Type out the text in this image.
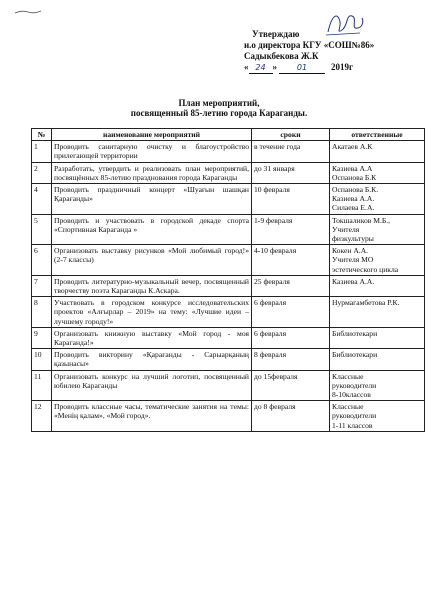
Утверждаю
и.о директора КГУ «СОШ№86»
Садыкбекова Ж.К
« 24 »	01	2019г
План мероприятий,
посвященный 85-летию города Караганды.
№	наименование мероприятий	сроки	ответственные
1	Проводить санитарную очистку и благоустройство прилегающей территории	в течение года	Акатаев А.К

2	Разработать, утвердить и реализовать план мероприятий, посвящённых 85-летию празднования города Караганды	до 31 января	Казиева А.А
Оспанова Б.К

4	Проводить праздничный концерт «Шуағын шашқан Қарағанды»	10 февраля	Оспанова Б.К.
Казиева А.А.
Силаева Е.А.

5	Проводить и участвовать в городской декаде спорта «Спортивная Караганда »	1-9 февраля	Токшаликов М.Б.,
Учителя
физкультуры

6	Организовать выставку рисунков «Мой любимый город!» (2-7 классы)	4-10 февраля	Кокен А.А.
Учителя МО
эстетического цикла

7	Проводить литературно-музыкальный вечер, посвященный творчеству поэта Караганды К.Аскара.	25 февраля	Казиева А.А.

8	Участвовать в городском конкурсе исследовательских проектов «Алғырлар – 2019» на тему: «Лучшие идеи – лучшему городу!»	6 февраля	Нурмагамбетова Р.К.

9	Организовать книжную выставку «Мой город - моя Караганда!»	6 февраля	Библиотекари

10	Проводить викторину «Қарағанды - Сарыарқаның қазынасы»	8 февраля	Библиотекари

11	Организовать конкурс на лучший логотип, посвященный юбилею Караганды	до 15февраля	Классные
руководители
8-10классов

12	Проводить классные часы, тематические занятия на темы: «Менің қалам», «Мой город».	до 8 февраля	Классные
руководители
1-11 классов
